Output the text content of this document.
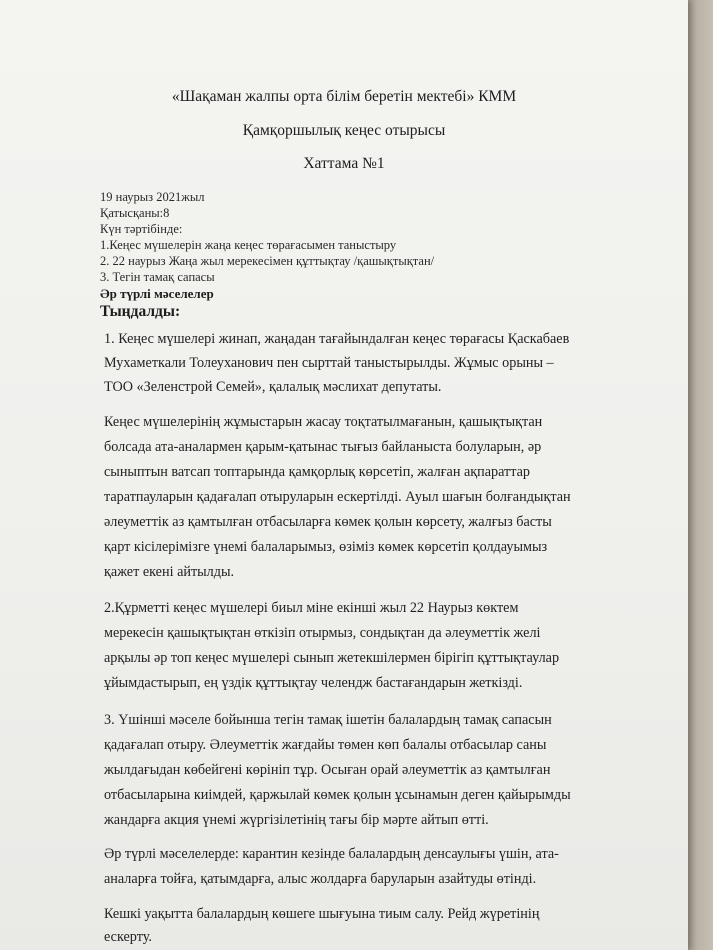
«Шақаман жалпы орта білім беретін мектебі» КММ
Қамқоршылық кеңес отырысы
Хаттама №1
19 наурыз 2021жыл
Қатысқаны:8
Күн тәртібінде:
1.Кеңес мүшелерін жаңа кеңес төрағасымен таныстыру
2. 22 наурыз Жаңа жыл мерекесімен құттықтау /қашықтықтан/
3. Тегін тамақ сапасы
Әр түрлі мәселелер
Тыңдалды:
1. Кеңес мүшелері жинап, жаңадан тағайындалған кеңес төрағасы Қаскабаев
Мухаметкали Толеуханович пен сырттай таныстырылды. Жұмыс орыны –
ТОО «Зеленстрой Семей», қалалық мәслихат депутаты.
Кеңес мүшелерінің жұмыстарын жасау тоқтатылмағанын, қашықтықтан
болсада ата-аналармен қарым-қатынас тығыз байланыста болуларын, әр
сыныптын ватсап топтарында қамқорлық көрсетіп, жалған ақпараттар
таратпауларын қадағалап отыруларын ескертілді. Ауыл шағын болғандықтан
әлеуметтік аз қамтылған отбасыларға көмек қолын көрсету, жалғыз басты
қарт кісілерімізге үнемі балаларымыз, өзіміз көмек көрсетіп қолдауымыз
қажет екені айтылды.
2.Құрметті кеңес мүшелері биыл міне екінші жыл 22 Наурыз көктем
мерекесін қашықтықтан өткізіп отырмыз, сондықтан да әлеуметтік желі
арқылы әр топ кеңес мүшелері сынып жетекшілермен бірігіп құттықтаулар
ұйымдастырып, ең үздік құттықтау челендж бастағандарын жеткізді.
3. Үшінші мәселе бойынша тегін тамақ ішетін балалардың тамақ сапасын
қадағалап отыру. Әлеуметтік жағдайы төмен көп балалы отбасылар саны
жылдағыдан көбейгені көрініп тұр. Осыған орай әлеуметтік аз қамтылған
отбасыларына киімдей, қаржылай көмек қолын ұсынамын деген қайырымды
жандарға акция үнемі жүргізілетінің тағы бір мәрте айтып өтті.
Әр түрлі мәселелерде: карантин кезінде балалардың денсаулығы үшін, ата-
аналарға тойға, қатымдарға, алыс жолдарға баруларын азайтуды өтінді.
Кешкі уақытта балалардың көшеге шығуына тиым салу. Рейд жүретінің
ескерту.
